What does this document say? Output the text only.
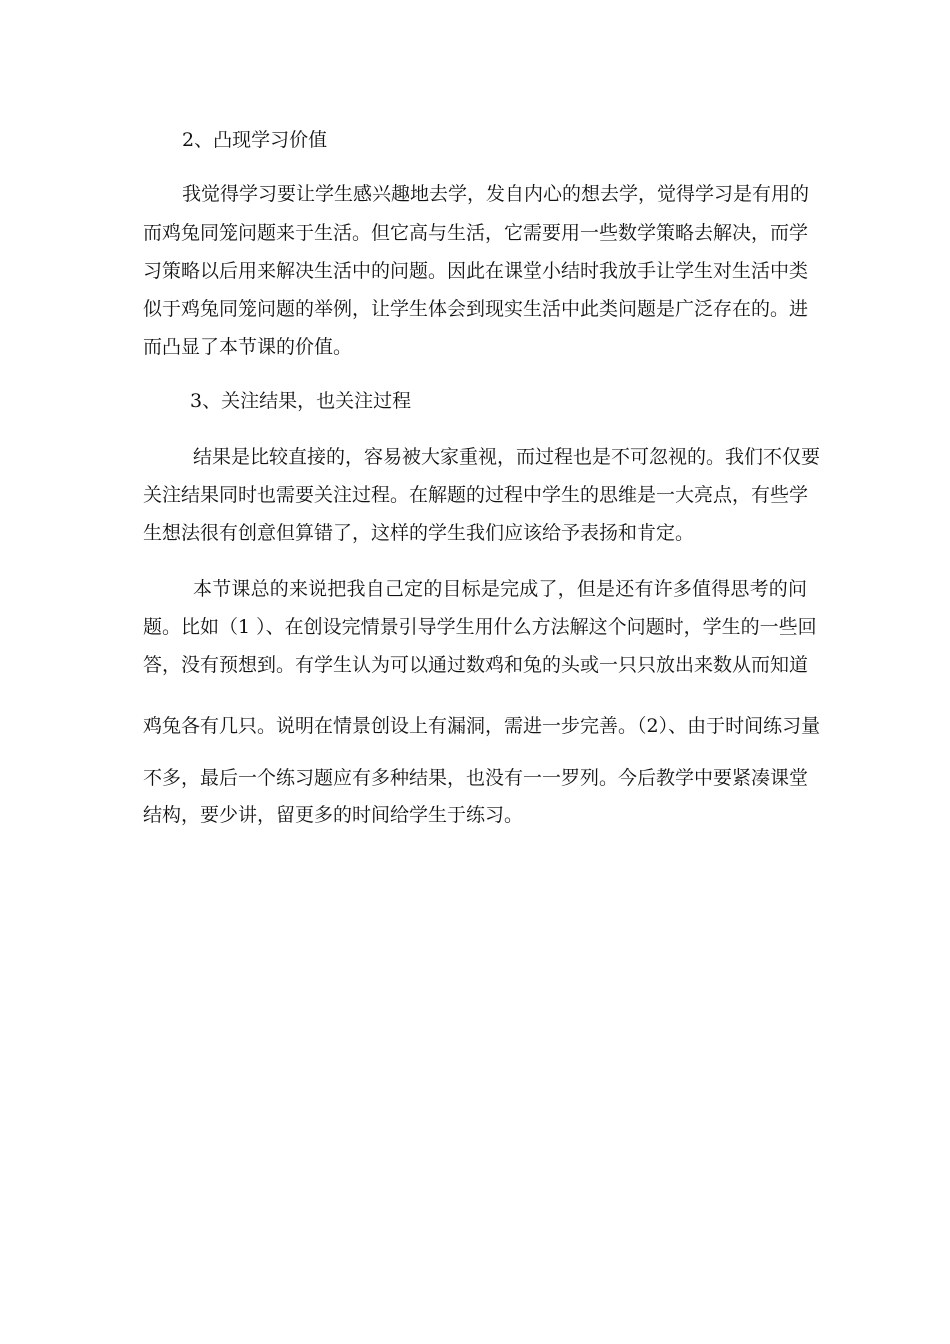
2、凸现学习价值
我觉得学习要让学生感兴趣地去学，发自内心的想去学，觉得学习是有用的
而鸡兔同笼问题来于生活。但它高与生活，它需要用一些数学策略去解决，而学
习策略以后用来解决生活中的问题。因此在课堂小结时我放手让学生对生活中类
似于鸡兔同笼问题的举例，让学生体会到现实生活中此类问题是广泛存在的。进
而凸显了本节课的价值。
3、关注结果，也关注过程
结果是比较直接的，容易被大家重视，而过程也是不可忽视的。我们不仅要
关注结果同时也需要关注过程。在解题的过程中学生的思维是一大亮点，有些学
生想法很有创意但算错了，这样的学生我们应该给予表扬和肯定。
本节课总的来说把我自己定的目标是完成了，但是还有许多值得思考的问
题。比如（1 ）、在创设完情景引导学生用什么方法解这个问题时，学生的一些回
答，没有预想到。有学生认为可以通过数鸡和兔的头或一只只放出来数从而知道
鸡兔各有几只。说明在情景创设上有漏洞，需进一步完善。（2）、由于时间练习量
不多，最后一个练习题应有多种结果，也没有一一罗列。今后教学中要紧凑课堂
结构，要少讲，留更多的时间给学生于练习。
